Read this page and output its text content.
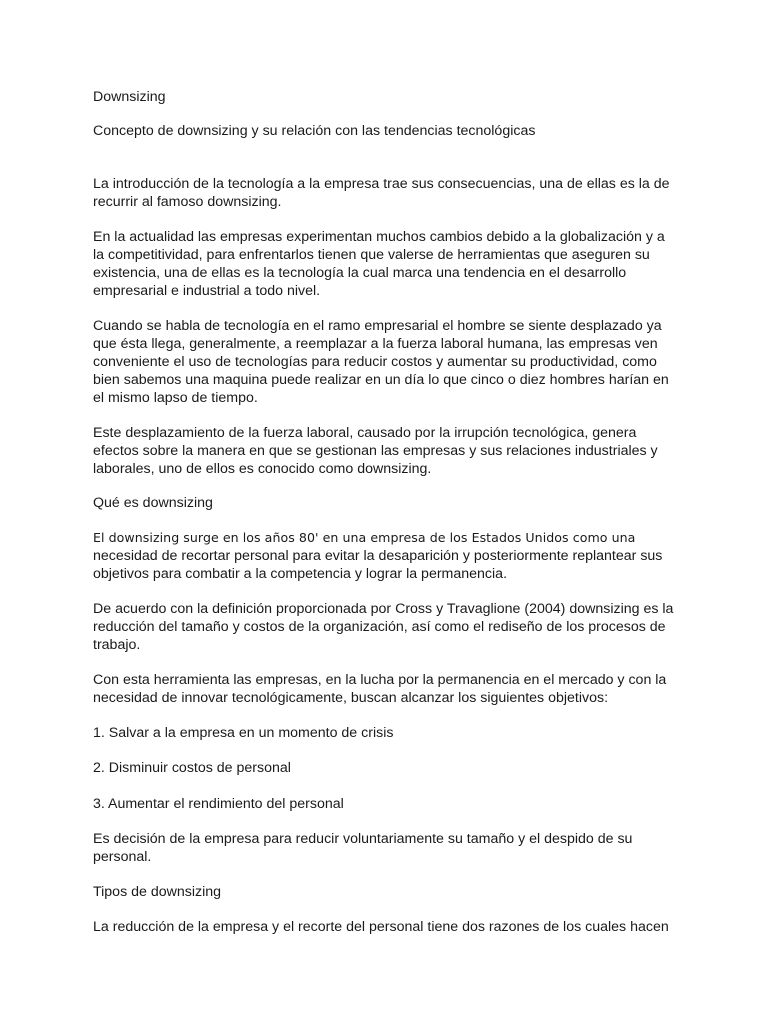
Downsizing

Concepto de downsizing y su relación con las tendencias tecnológicas

La introducción de la tecnología a la empresa trae sus consecuencias, una de ellas es la de

recurrir al famoso downsizing.

En la actualidad las empresas experimentan muchos cambios debido a la globalización y a

la competitividad, para enfrentarlos tienen que valerse de herramientas que aseguren su

existencia, una de ellas es la tecnología la cual marca una tendencia en el desarrollo

empresarial e industrial a todo nivel.

Cuando se habla de tecnología en el ramo empresarial el hombre se siente desplazado ya

que ésta llega, generalmente, a reemplazar a la fuerza laboral humana, las empresas ven

conveniente el uso de tecnologías para reducir costos y aumentar su productividad, como

bien sabemos una maquina puede realizar en un día lo que cinco o diez hombres harían en

el mismo lapso de tiempo.

Este desplazamiento de la fuerza laboral, causado por la irrupción tecnológica, genera

efectos sobre la manera en que se gestionan las empresas y sus relaciones industriales y

laborales, uno de ellos es conocido como downsizing.

Qué es downsizing

El downsizing surge en los años 80' en una empresa de los Estados Unidos como una

necesidad de recortar personal para evitar la desaparición y posteriormente replantear sus

objetivos para combatir a la competencia y lograr la permanencia.

De acuerdo con la definición proporcionada por Cross y Travaglione (2004) downsizing es la

reducción del tamaño y costos de la organización, así como el rediseño de los procesos de

trabajo.

Con esta herramienta las empresas, en la lucha por la permanencia en el mercado y con la

necesidad de innovar tecnológicamente, buscan alcanzar los siguientes objetivos:

1. Salvar a la empresa en un momento de crisis

2. Disminuir costos de personal

3. Aumentar el rendimiento del personal

Es decisión de la empresa para reducir voluntariamente su tamaño y el despido de su

personal.

Tipos de downsizing

La reducción de la empresa y el recorte del personal tiene dos razones de los cuales hacen
